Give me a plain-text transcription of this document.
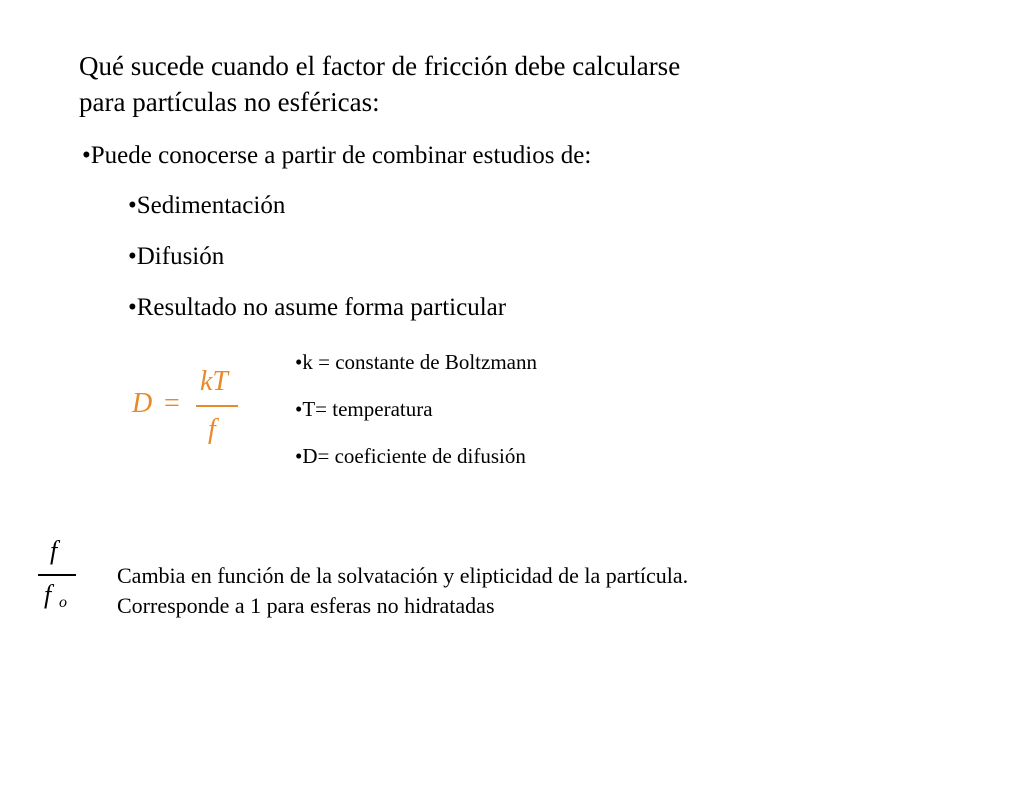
Qué sucede cuando el factor de fricción debe calcularse
para partículas no esféricas:
•Puede conocerse a partir de combinar estudios de:
•Sedimentación
•Difusión
•Resultado no asume forma particular
D =
kT
f
•k = constante de Boltzmann
•T= temperatura
•D= coeficiente de difusión
f
f o
Cambia en función de la solvatación y elipticidad de la partícula.
Corresponde a 1 para esferas no hidratadas
